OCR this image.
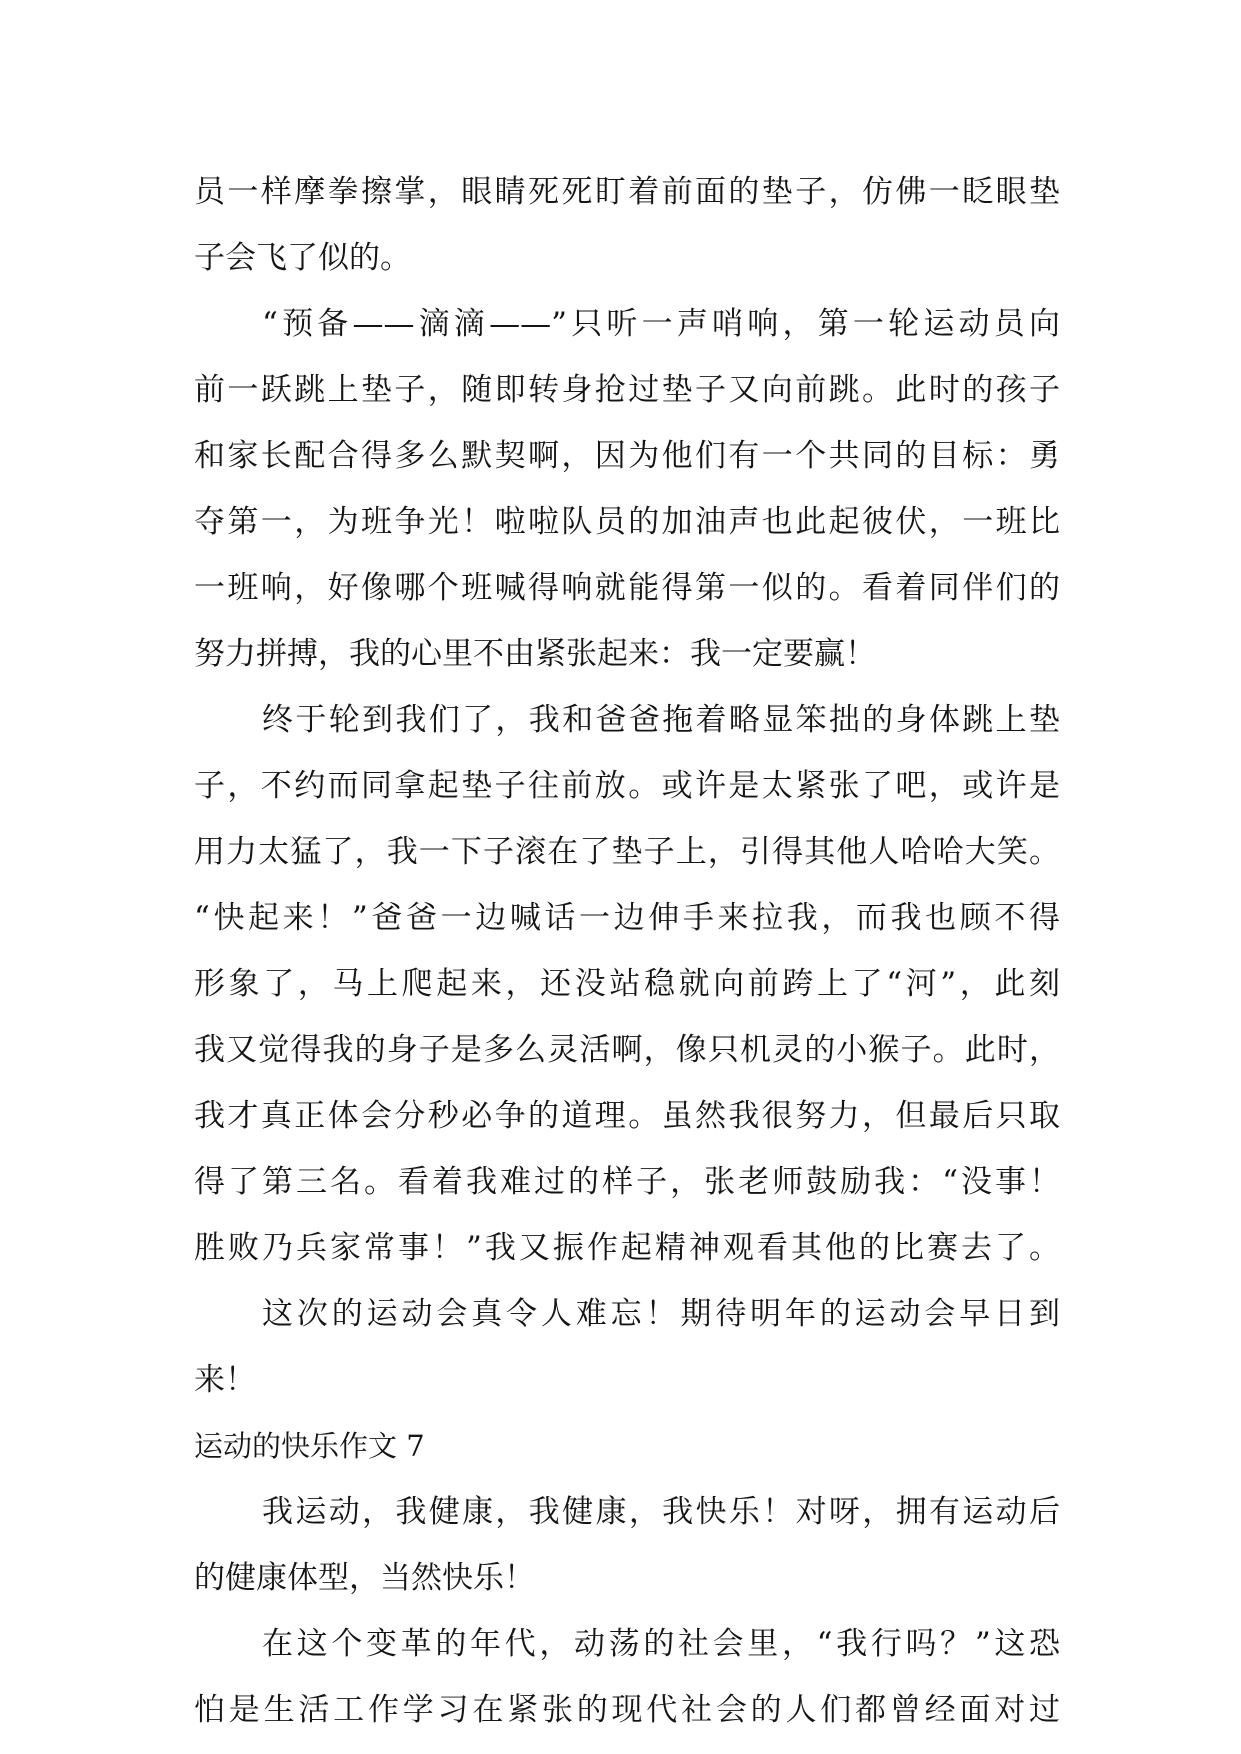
员一样摩拳擦掌，眼睛死死盯着前面的垫子，仿佛一眨眼垫
子会飞了似的。
“预备——滴滴——”只听一声哨响，第一轮运动员向
前一跃跳上垫子，随即转身抢过垫子又向前跳。此时的孩子
和家长配合得多么默契啊，因为他们有一个共同的目标：勇
夺第一，为班争光！啦啦队员的加油声也此起彼伏，一班比
一班响，好像哪个班喊得响就能得第一似的。看着同伴们的
努力拼搏，我的心里不由紧张起来：我一定要赢！
终于轮到我们了，我和爸爸拖着略显笨拙的身体跳上垫
子，不约而同拿起垫子往前放。或许是太紧张了吧，或许是
用力太猛了，我一下子滚在了垫子上，引得其他人哈哈大笑。
“快起来！”爸爸一边喊话一边伸手来拉我，而我也顾不得
形象了，马上爬起来，还没站稳就向前跨上了“河”，此刻
我又觉得我的身子是多么灵活啊，像只机灵的小猴子。此时，
我才真正体会分秒必争的道理。虽然我很努力，但最后只取
得了第三名。看着我难过的样子，张老师鼓励我：“没事！
胜败乃兵家常事！”我又振作起精神观看其他的比赛去了。
这次的运动会真令人难忘！期待明年的运动会早日到
来！
运动的快乐作文 7
我运动，我健康，我健康，我快乐！对呀，拥有运动后
的健康体型，当然快乐！
在这个变革的年代，动荡的社会里，“我行吗？”这恐
怕是生活工作学习在紧张的现代社会的人们都曾经面对过
